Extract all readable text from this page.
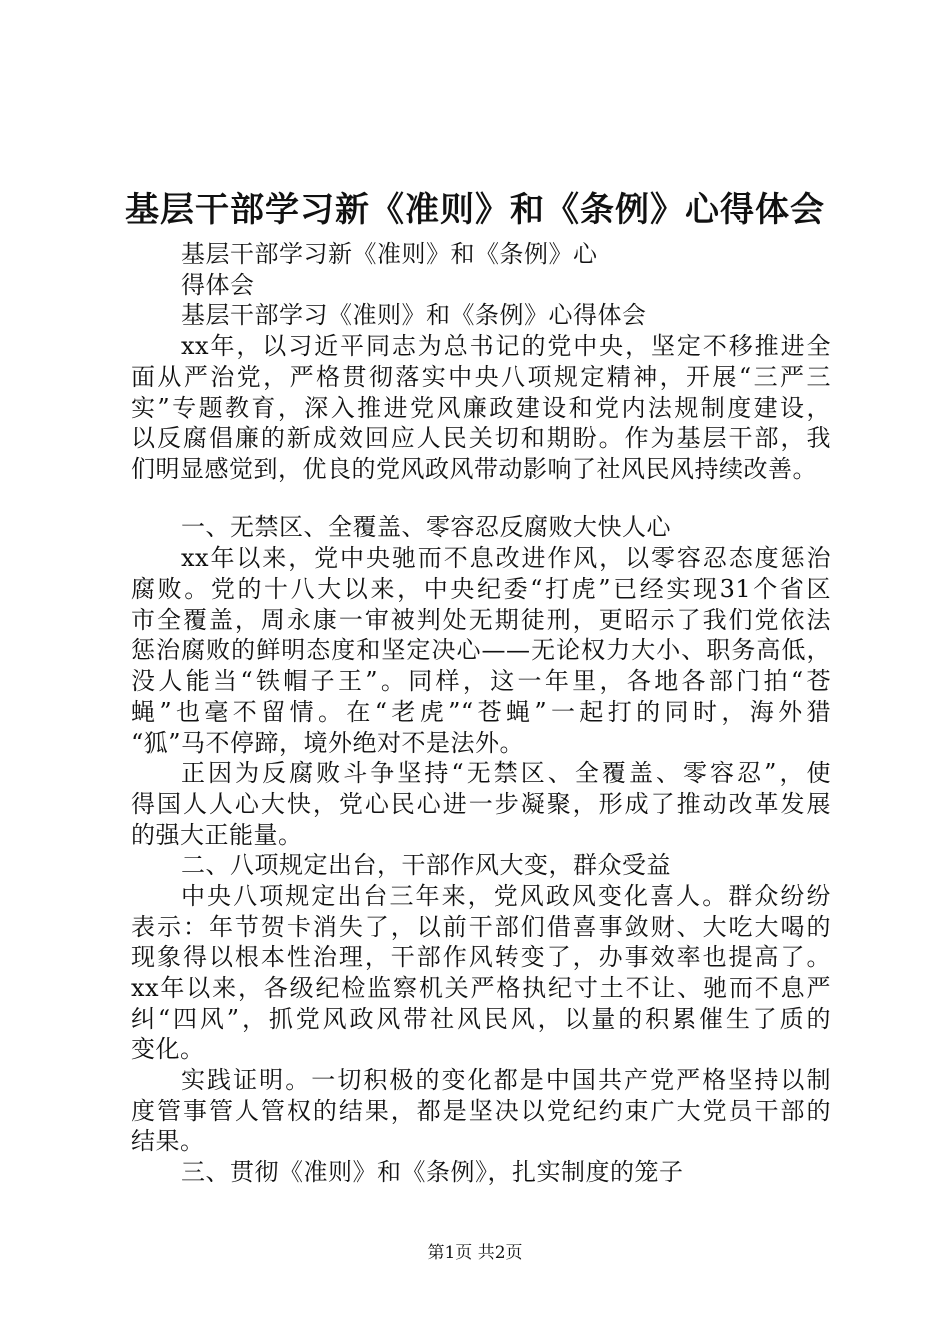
基层干部学习新《准则》和《条例》心得体会
基层干部学习新《准则》和《条例》心
得体会
基层干部学习《准则》和《条例》心得体会
xx年，以习近平同志为总书记的党中央，坚定不移推进全
面从严治党，严格贯彻落实中央八项规定精神，开展“三严三
实”专题教育，深入推进党风廉政建设和党内法规制度建设，
以反腐倡廉的新成效回应人民关切和期盼。作为基层干部，我
们明显感觉到，优良的党风政风带动影响了社风民风持续改善。
一、无禁区、全覆盖、零容忍反腐败大快人心
xx年以来，党中央驰而不息改进作风，以零容忍态度惩治
腐败。党的十八大以来，中央纪委“打虎”已经实现31个省区
市全覆盖，周永康一审被判处无期徒刑，更昭示了我们党依法
惩治腐败的鲜明态度和坚定决心——无论权力大小、职务高低，
没人能当“铁帽子王”。同样，这一年里，各地各部门拍“苍
蝇”也毫不留情。在“老虎”“苍蝇”一起打的同时，海外猎
“狐”马不停蹄，境外绝对不是法外。
正因为反腐败斗争坚持“无禁区、全覆盖、零容忍”，使
得国人人心大快，党心民心进一步凝聚，形成了推动改革发展
的强大正能量。
二、八项规定出台，干部作风大变，群众受益
中央八项规定出台三年来，党风政风变化喜人。群众纷纷
表示：年节贺卡消失了，以前干部们借喜事敛财、大吃大喝的
现象得以根本性治理，干部作风转变了，办事效率也提高了。
xx年以来，各级纪检监察机关严格执纪寸土不让、驰而不息严
纠“四风”，抓党风政风带社风民风，以量的积累催生了质的
变化。
实践证明。一切积极的变化都是中国共产党严格坚持以制
度管事管人管权的结果，都是坚决以党纪约束广大党员干部的
结果。
三、贯彻《准则》和《条例》，扎实制度的笼子
第1页 共2页
